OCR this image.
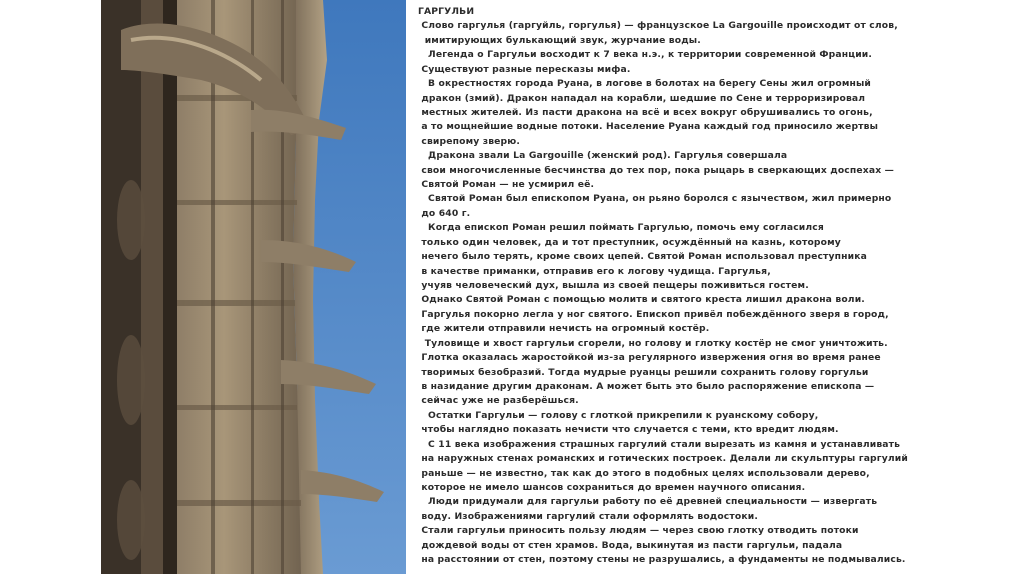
ГАРГУЛЬИ
Слово гаргулья (гаргуйль, горгулья) — французское La Gargouille происходит от слов,
имитирующих булькающий звук, журчание воды.
Легенда о Гаргульи восходит к 7 века н.э., к территории современной Франции.
Существуют разные пересказы мифа.
В окрестностях города Руана, в логове в болотах на берегу Сены жил огромный
дракон (змий). Дракон нападал на корабли, шедшие по Сене и терроризировал
местных жителей. Из пасти дракона на всё и всех вокруг обрушивались то огонь,
а то мощнейшие водные потоки. Население Руана каждый год приносило жертвы
свирепому зверю.
Дракона звали La Gargouille (женский род). Гаргулья совершала
свои многочисленные бесчинства до тех пор, пока рыцарь в сверкающих доспехах —
Святой Роман — не усмирил её.
Святой Роман был епископом Руана, он рьяно боролся с язычеством, жил примерно
до 640 г.
Когда епископ Роман решил поймать Гаргулью, помочь ему согласился
только один человек, да и тот преступник, осуждённый на казнь, которому
нечего было терять, кроме своих цепей. Святой Роман использовал преступника
в качестве приманки, отправив его к логову чудища. Гаргулья,
учуяв человеческий дух, вышла из своей пещеры поживиться гостем.
Однако Святой Роман с помощью молитв и святого креста лишил дракона воли.
Гаргулья покорно легла у ног святого. Епископ привёл побеждённого зверя в город,
где жители отправили нечисть на огромный костёр.
Туловище и хвост гаргульи сгорели, но голову и глотку костёр не смог уничтожить.
Глотка оказалась жаростойкой из-за регулярного извержения огня во время ранее
творимых безобразий. Тогда мудрые руанцы решили сохранить голову горгульи
в назидание другим драконам. А может быть это было распоряжение епископа —
сейчас уже не разберёшься.
Остатки Гаргульи — голову с глоткой прикрепили к руанскому собору,
чтобы наглядно показать нечисти что случается с теми, кто вредит людям.
С 11 века изображения страшных гаргулий стали вырезать из камня и устанавливать
на наружных стенах романских и готических построек. Делали ли скульптуры гаргулий
раньше — не известно, так как до этого в подобных целях использовали дерево,
которое не имело шансов сохраниться до времен научного описания.
Люди придумали для гаргульи работу по её древней специальности — извергать
воду. Изображениями гаргулий стали оформлять водостоки.
Стали гаргульи приносить пользу людям — через свою глотку отводить потоки
дождевой воды от стен храмов. Вода, выкинутая из пасти гаргульи, падала
на расстоянии от стен, поэтому стены не разрушались, а фундаменты не подмывались.
